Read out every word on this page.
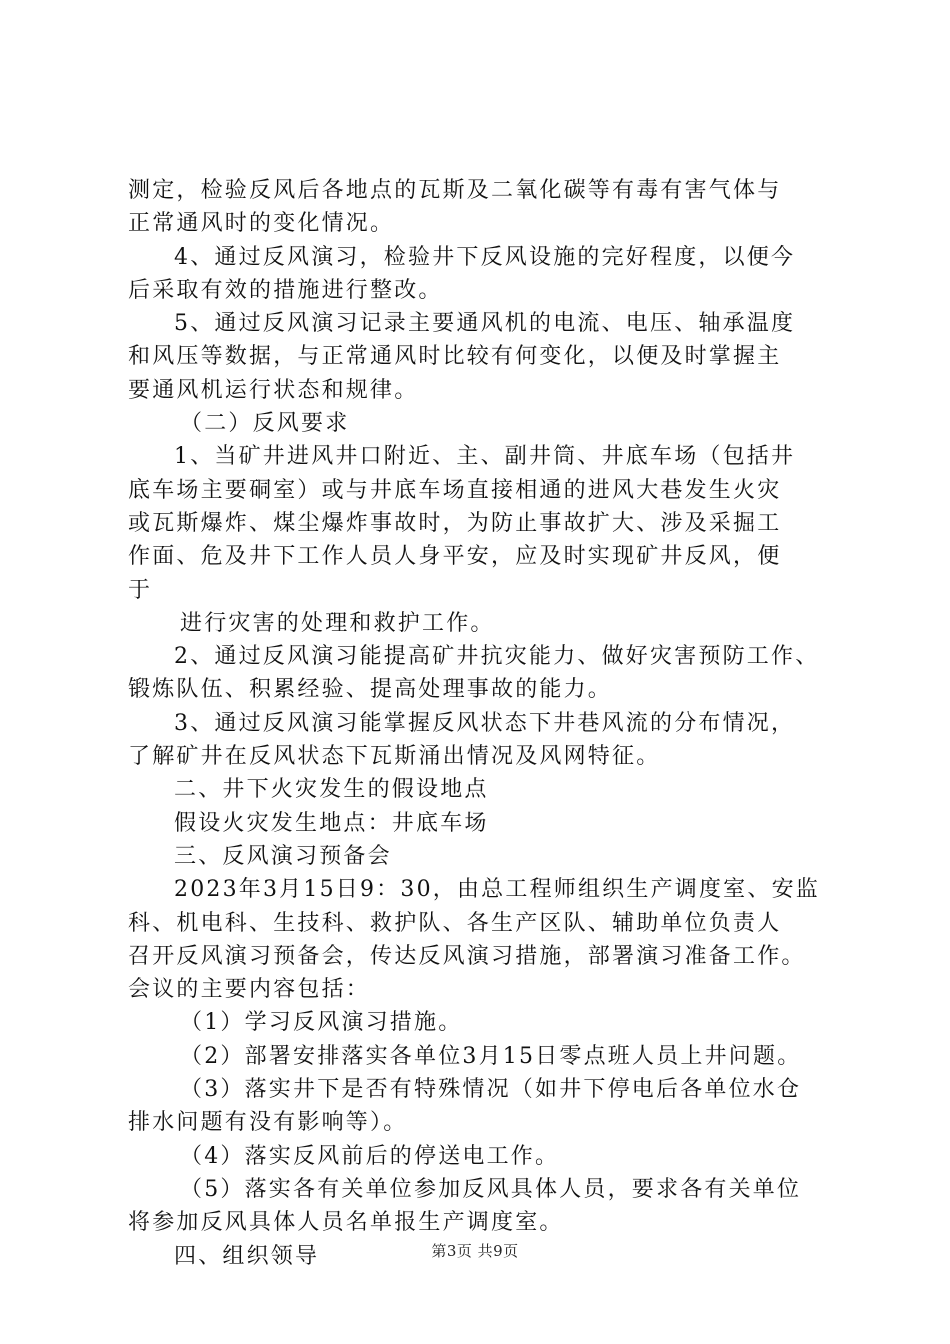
测定，检验反风后各地点的瓦斯及二氧化碳等有毒有害气体与
正常通风时的变化情况。
4、通过反风演习，检验井下反风设施的完好程度，以便今
后采取有效的措施进行整改。
5、通过反风演习记录主要通风机的电流、电压、轴承温度
和风压等数据，与正常通风时比较有何变化，以便及时掌握主
要通风机运行状态和规律。
（二）反风要求
1、当矿井进风井口附近、主、副井筒、井底车场（包括井
底车场主要硐室）或与井底车场直接相通的进风大巷发生火灾
或瓦斯爆炸、煤尘爆炸事故时，为防止事故扩大、涉及采掘工
作面、危及井下工作人员人身平安，应及时实现矿井反风，便
于
进行灾害的处理和救护工作。
2、通过反风演习能提高矿井抗灾能力、做好灾害预防工作、
锻炼队伍、积累经验、提高处理事故的能力。
3、通过反风演习能掌握反风状态下井巷风流的分布情况，
了解矿井在反风状态下瓦斯涌出情况及风网特征。
二、井下火灾发生的假设地点
假设火灾发生地点：井底车场
三、反风演习预备会
2023年3月15日9：30，由总工程师组织生产调度室、安监
科、机电科、生技科、救护队、各生产区队、辅助单位负责人
召开反风演习预备会，传达反风演习措施，部署演习准备工作。
会议的主要内容包括：
（1）学习反风演习措施。
（2）部署安排落实各单位3月15日零点班人员上井问题。
（3）落实井下是否有特殊情况（如井下停电后各单位水仓
排水问题有没有影响等）。
（4）落实反风前后的停送电工作。
（5）落实各有关单位参加反风具体人员，要求各有关单位
将参加反风具体人员名单报生产调度室。
四、组织领导	第3页 共9页
